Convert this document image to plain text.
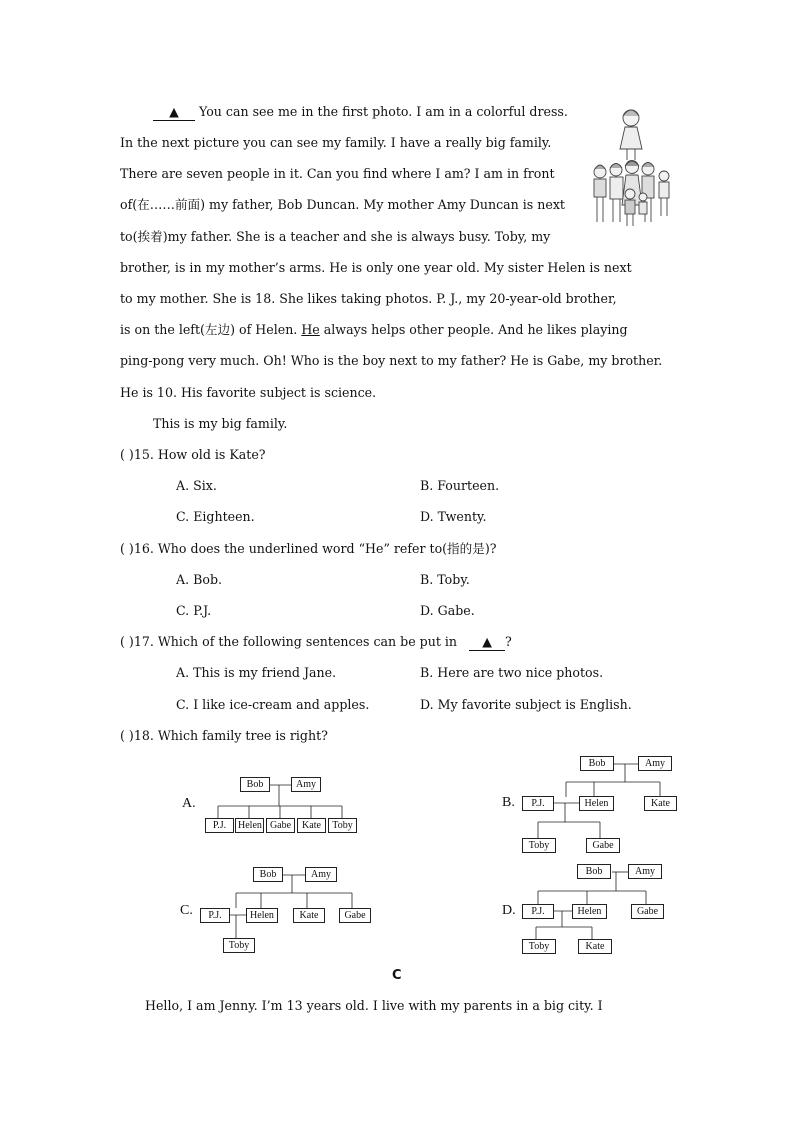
▲ You can see me in the first photo. I am in a colorful dress.
In the next picture you can see my family. I have a really big family.
There are seven people in it. Can you find where I am? I am in front
of(在……前面) my father, Bob Duncan. My mother Amy Duncan is next
to(挨着)my father. She is a teacher and she is always busy. Toby, my
brother, is in my mother’s arms. He is only one year old. My sister Helen is next
to my mother. She is 18. She likes taking photos. P. J., my 20-year-old brother,
is on the left(左边) of Helen. He always helps other people. And he likes playing
ping-pong very much. Oh! Who is the boy next to my father? He is Gabe, my brother.
He is 10. His favorite subject is science.
This is my big family.
( )15. How old is Kate?
A. Six.	B. Fourteen.
C. Eighteen.	D. Twenty.
( )16. Who does the underlined word “He” refer to(指的是)?
A. Bob.	B. Toby.
C. P.J.	D. Gabe.
( )17. Which of the following sentences can be put in ▲ ?
A. This is my friend Jane.	B. Here are two nice photos.
C. I like ice-cream and apples.	D. My favorite subject is English.
( )18. Which family tree is right?
A.
Bob	Amy
P.J.	Helen Gabe	Kate	Toby
B.
Bob	Amy
P.J.	Helen	Kate
Toby	Gabe
C.
Bob	Amy
P.J.	Helen	Kate	Gabe
Toby
D.
Bob	Amy
P.J.	Helen	Gabe
Toby	Kate
C
Hello, I am Jenny. I’m 13 years old. I live with my parents in a big city. I
